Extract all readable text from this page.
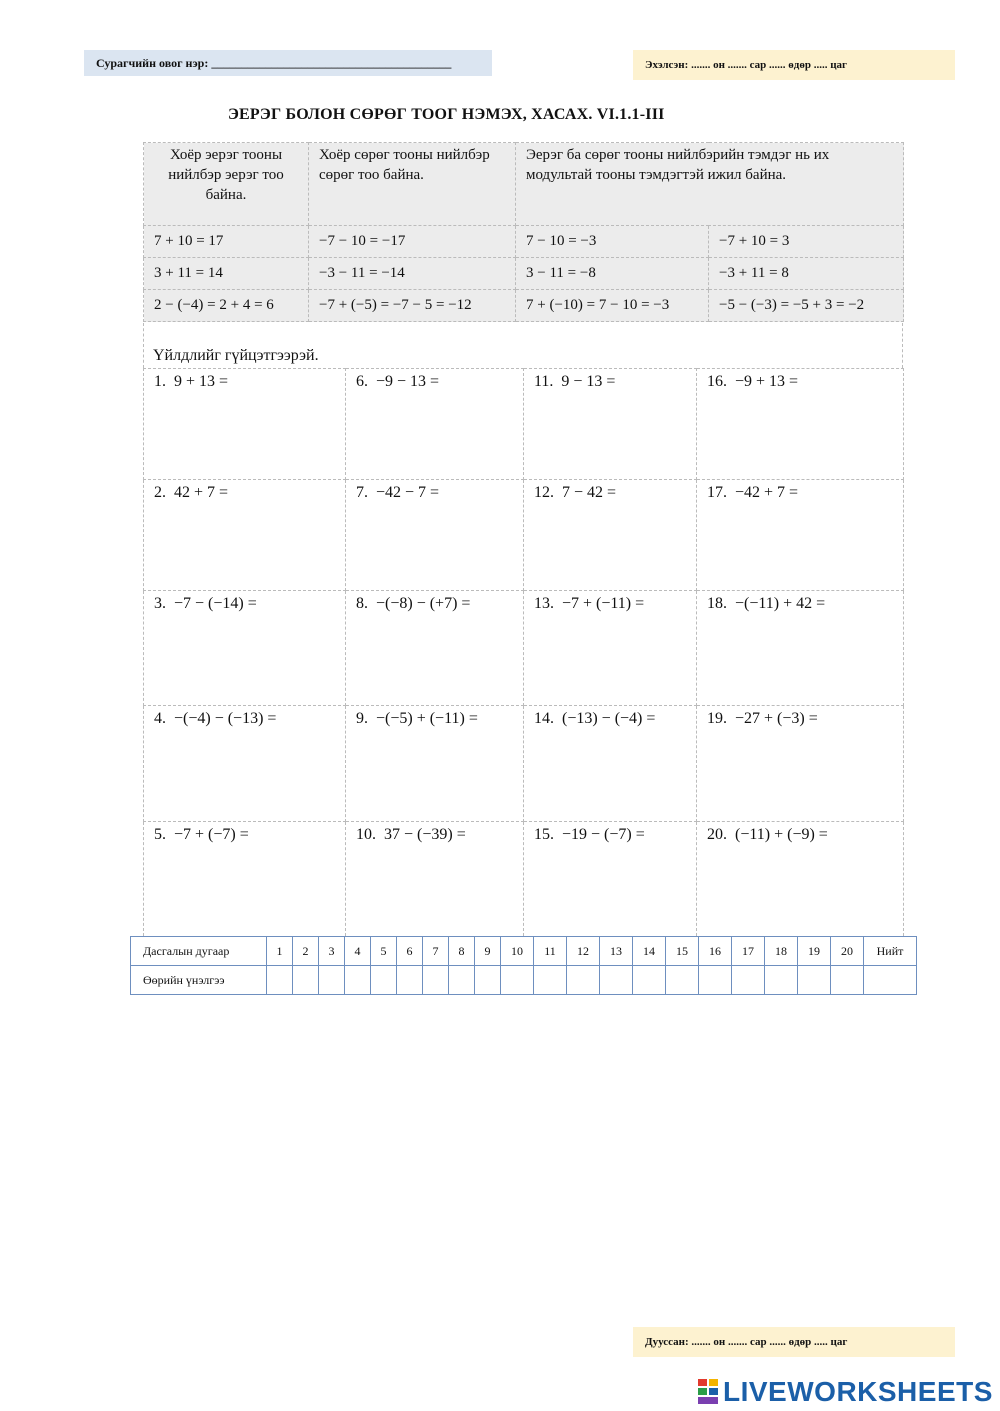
Сурагчийн овог нэр: ________________________________________	Эхэлсэн: ....... он ....... сар ...... өдөр ..... цаг
ЭЕРЭГ БОЛОН СӨРӨГ ТООГ НЭМЭХ, ХАСАХ. VI.1.1-III
Хоёр эерэг тооны нийлбэр эерэг тоо байна.	Хоёр сөрөг тооны нийлбэр сөрөг тоо байна.	Эерэг ба сөрөг тооны нийлбэрийн тэмдэг нь их модультай тооны тэмдэгтэй ижил байна.	
7 + 10 = 17	−7 − 10 = −17	7 − 10 = −3	−7 + 10 = 3
3 + 11 = 14	−3 − 11 = −14	3 − 11 = −8	−3 + 11 = 8
2 − (−4) = 2 + 4 = 6	−7 + (−5) = −7 − 5 = −12	7 + (−10) = 7 − 10 = −3	−5 − (−3) = −5 + 3 = −2
Үйлдлийг гүйцэтгээрэй.
1. 9 + 13 =	6. −9 − 13 =	11. 9 − 13 =	16. −9 + 13 =
2. 42 + 7 =	7. −42 − 7 =	12. 7 − 42 =	17. −42 + 7 =
3. −7 − (−14) =	8. −(−8) − (+7) =	13. −7 + (−11) =	18. −(−11) + 42 =
4. −(−4) − (−13) =	9. −(−5) + (−11) =	14. (−13) − (−4) =	19. −27 + (−3) =
5. −7 + (−7) =	10. 37 − (−39) =	15. −19 − (−7) =	20. (−11) + (−9) =
Дасгалын дугаар	1	2	3	4	5	6	7	8	9	10	11	12	13	14	15	16	17	18	19	20	Нийт
Өөрийн үнэлгээ																					
Дууссан: ....... он ....... сар ...... өдөр ..... цаг
LIVEWORKSHEETS
